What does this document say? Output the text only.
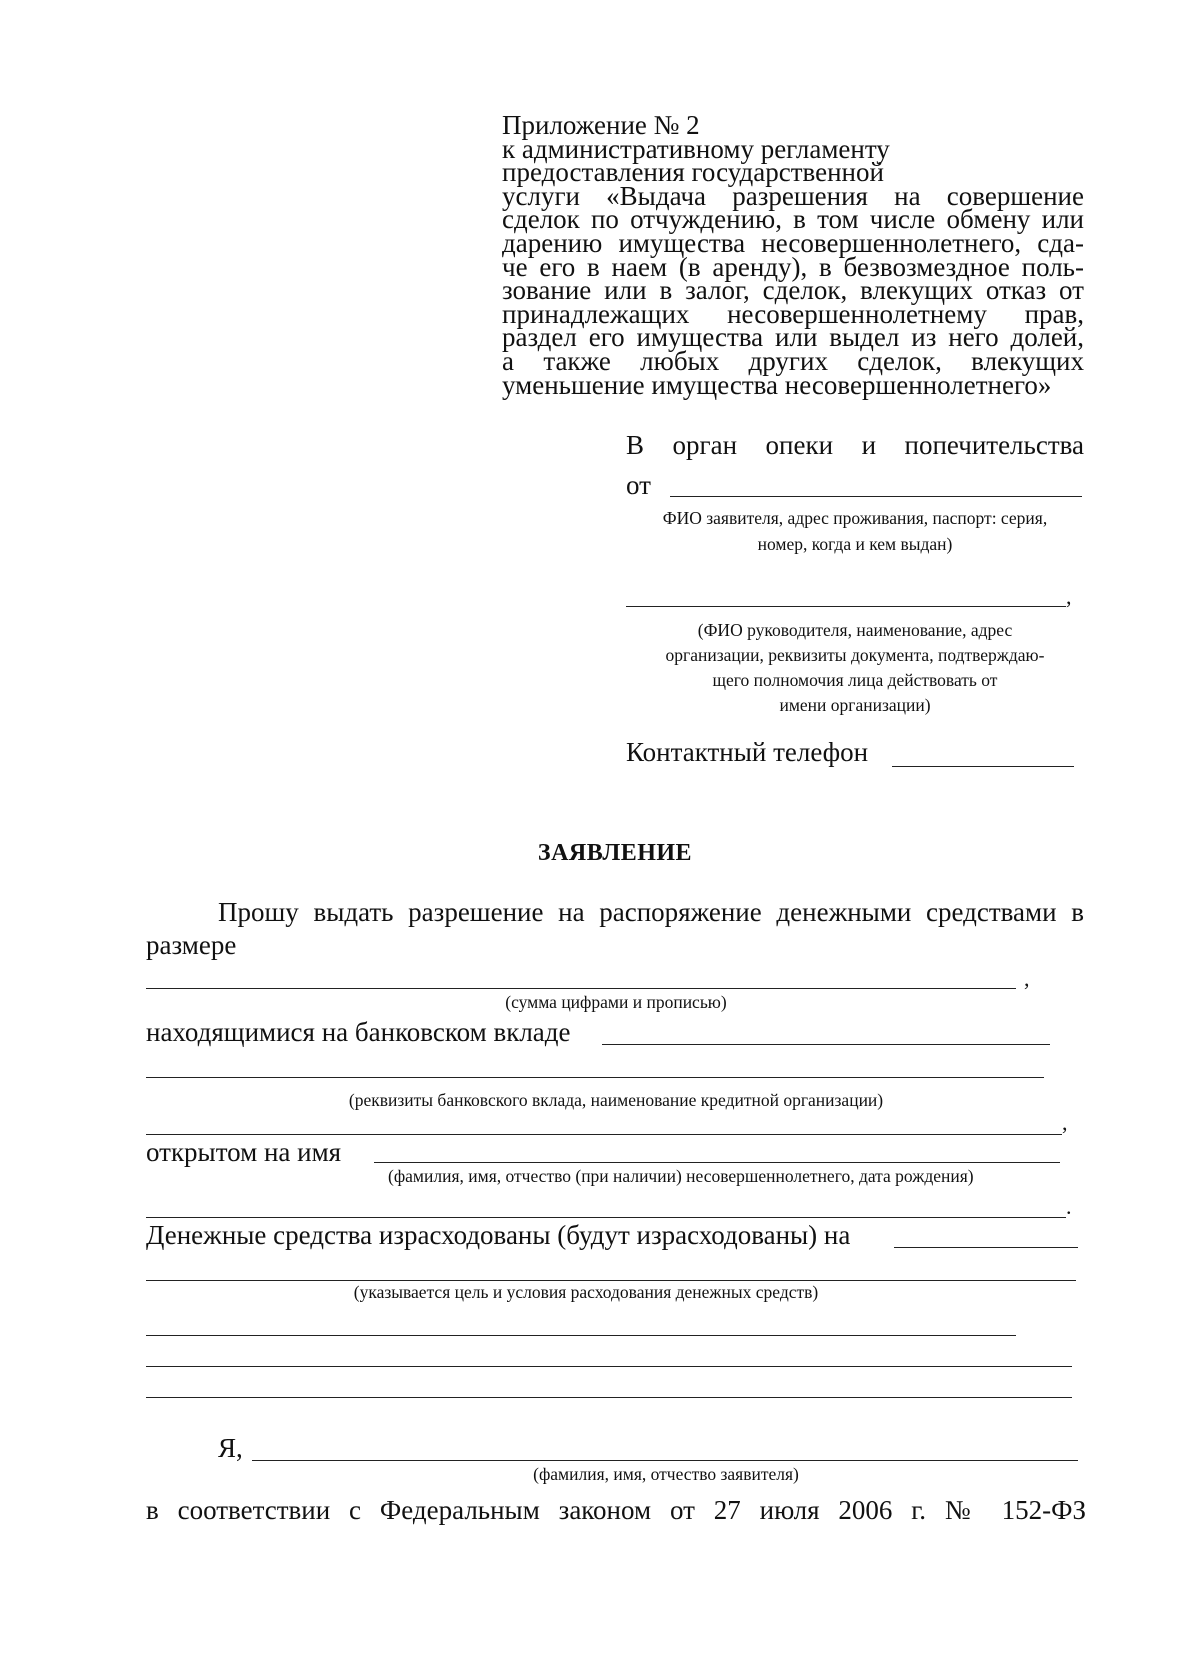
Приложение № 2
к административному регламенту
предоставления государственной
услуги «Выдача разрешения на совершение
сделок по отчуждению, в том числе обмену или
дарению имущества несовершеннолетнего, сда-
че его в наем (в аренду), в безвозмездное поль-
зование или в залог, сделок, влекущих отказ от
принадлежащих несовершеннолетнему прав,
раздел его имущества или выдел из него долей,
а также любых других сделок, влекущих
уменьшение имущества несовершеннолетнего»
В орган опеки и попечительства
от
ФИО заявителя, адрес проживания, паспорт: серия,
номер, когда и кем выдан)
,
(ФИО руководителя, наименование, адрес
организации, реквизиты документа, подтверждаю-
щего полномочия лица действовать от
имени организации)
Контактный телефон
ЗАЯВЛЕНИЕ
Прошу выдать разрешение на распоряжение денежными средствами в
размере
,
(сумма цифрами и прописью)
находящимися на банковском вкладе
(реквизиты банковского вклада, наименование кредитной организации)
,
открытом на имя
(фамилия, имя, отчество (при наличии) несовершеннолетнего, дата рождения)
.
Денежные средства израсходованы (будут израсходованы) на
(указывается цель и условия расходования денежных средств)
Я,
(фамилия, имя, отчество заявителя)
в соответствии с Федеральным законом от 27 июля 2006 г. № 152-ФЗ
